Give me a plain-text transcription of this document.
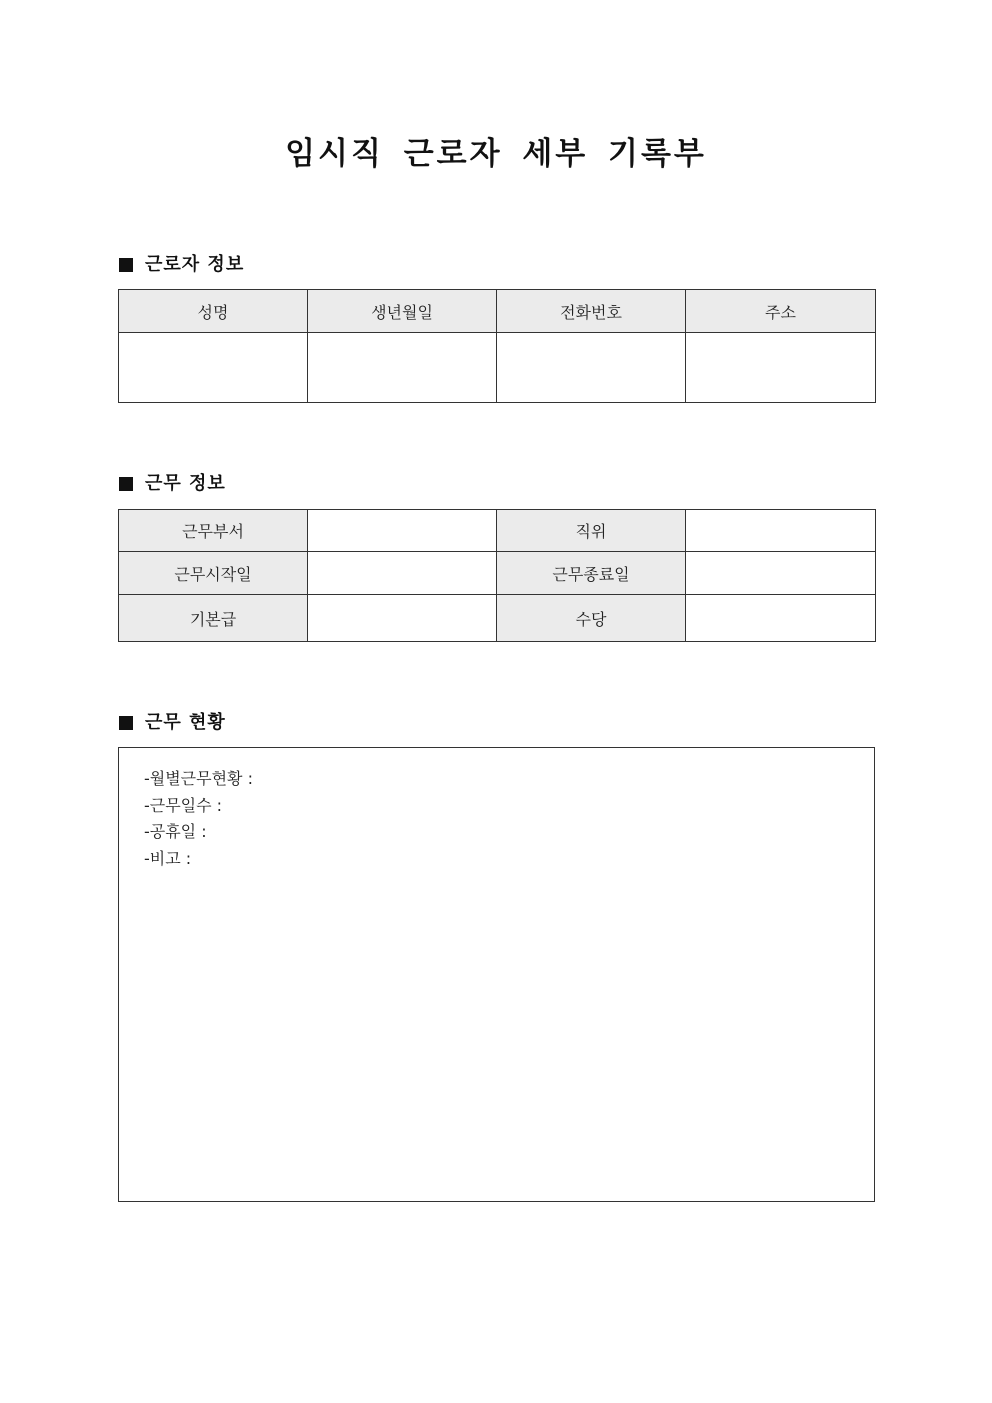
임시직 근로자 세부 기록부
근로자 정보
성명	생년월일	전화번호	주소

근무 정보
근무부서		직위	
근무시작일		근무종료일	
기본급		수당	
근무 현황
-월별근무현황 :
-근무일수 :
-공휴일 :
-비고 :
